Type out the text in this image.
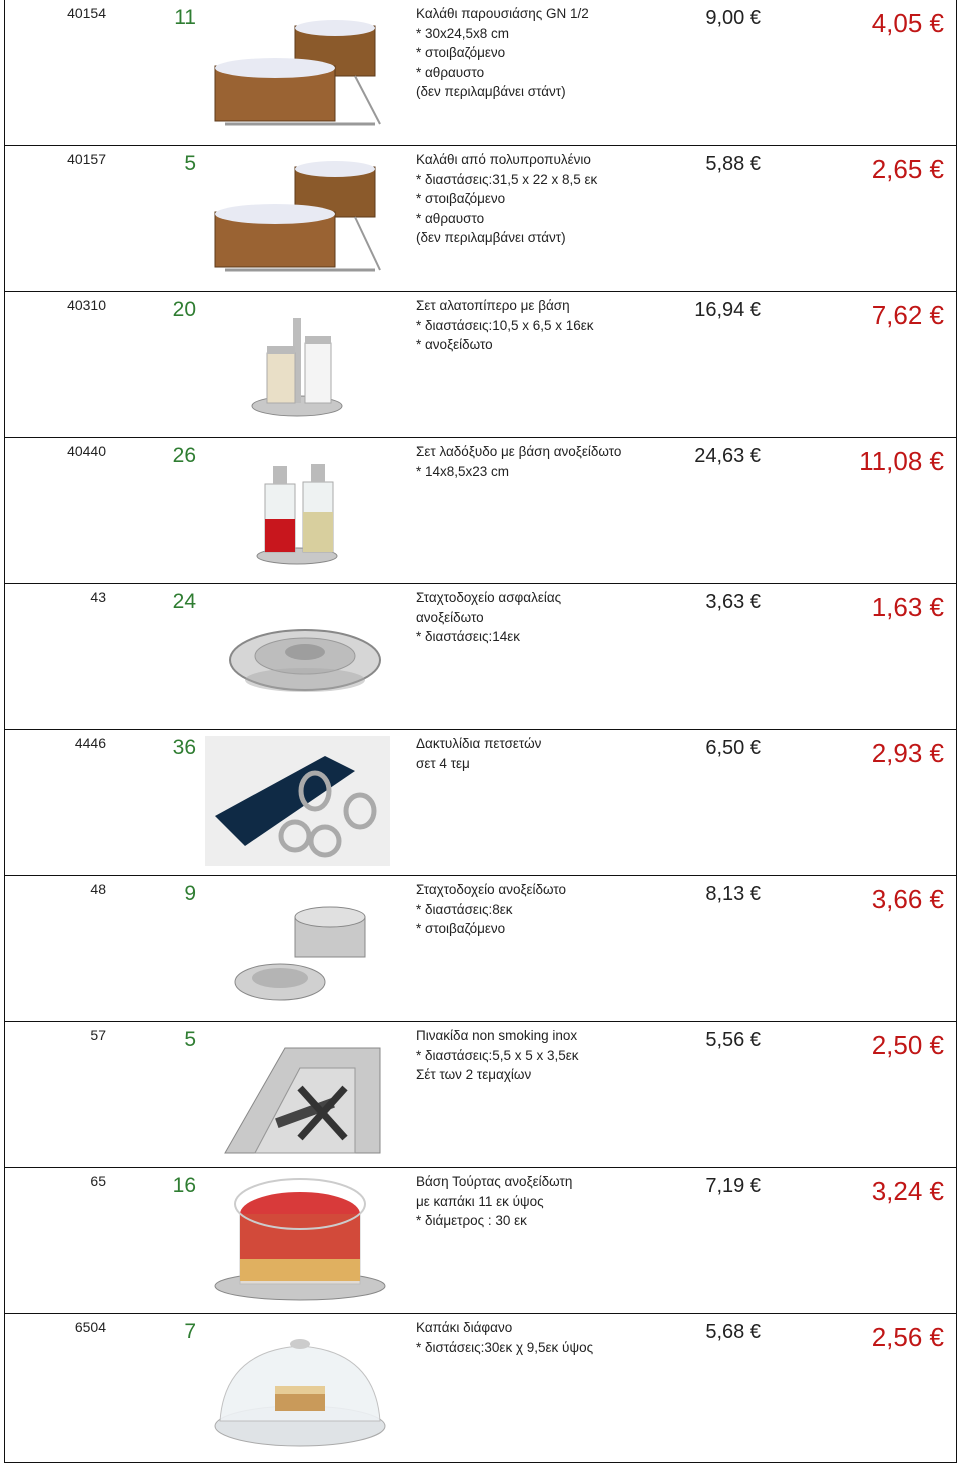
40154	11	Καλάθι παρουσιάσης GN 1/2
* 30x24,5x8 cm
* στοιβαζόμενο
* αθραυστο
(δεν περιλαμβάνει στάντ)
9,00 €	4,05 €
40157	5	Καλάθι από πολυπροπυλένιο
* διαστάσεις:31,5 x 22 x 8,5 εκ
* στοιβαζόμενο
* αθραυστο
(δεν περιλαμβάνει στάντ)
5,88 €	2,65 €
40310	20	Σετ αλατοπίπερο με βάση
* διαστάσεις:10,5 x 6,5 x 16εκ
* ανοξείδωτο
16,94 €	7,62 €
40440	26	Σετ λαδόξυδο με βάση ανοξείδωτο
* 14x8,5x23 cm
24,63 €	11,08 €
43	24	Σταχτοδοχείο ασφαλείας
ανοξείδωτο
* διαστάσεις:14εκ
3,63 €	1,63 €
4446	36	Δακτυλίδια πετσετών
σετ 4 τεμ
6,50 €	2,93 €
48	9	Σταχτοδοχείο ανοξείδωτο
* διαστάσεις:8εκ
* στοιβαζόμενο
8,13 €	3,66 €
57	5	Πινακίδα non smoking inox
* διαστάσεις:5,5 x 5 x 3,5εκ
Σέτ των 2 τεμαχίων
5,56 €	2,50 €
65	16	Βάση Τούρτας ανοξείδωτη
με καπάκι 11 εκ ύψος
* διάμετρος : 30 εκ
7,19 €	3,24 €
6504	7	Καπάκι διάφανο
* διστάσεις:30εκ χ 9,5εκ ύψος
5,68 €	2,56 €
